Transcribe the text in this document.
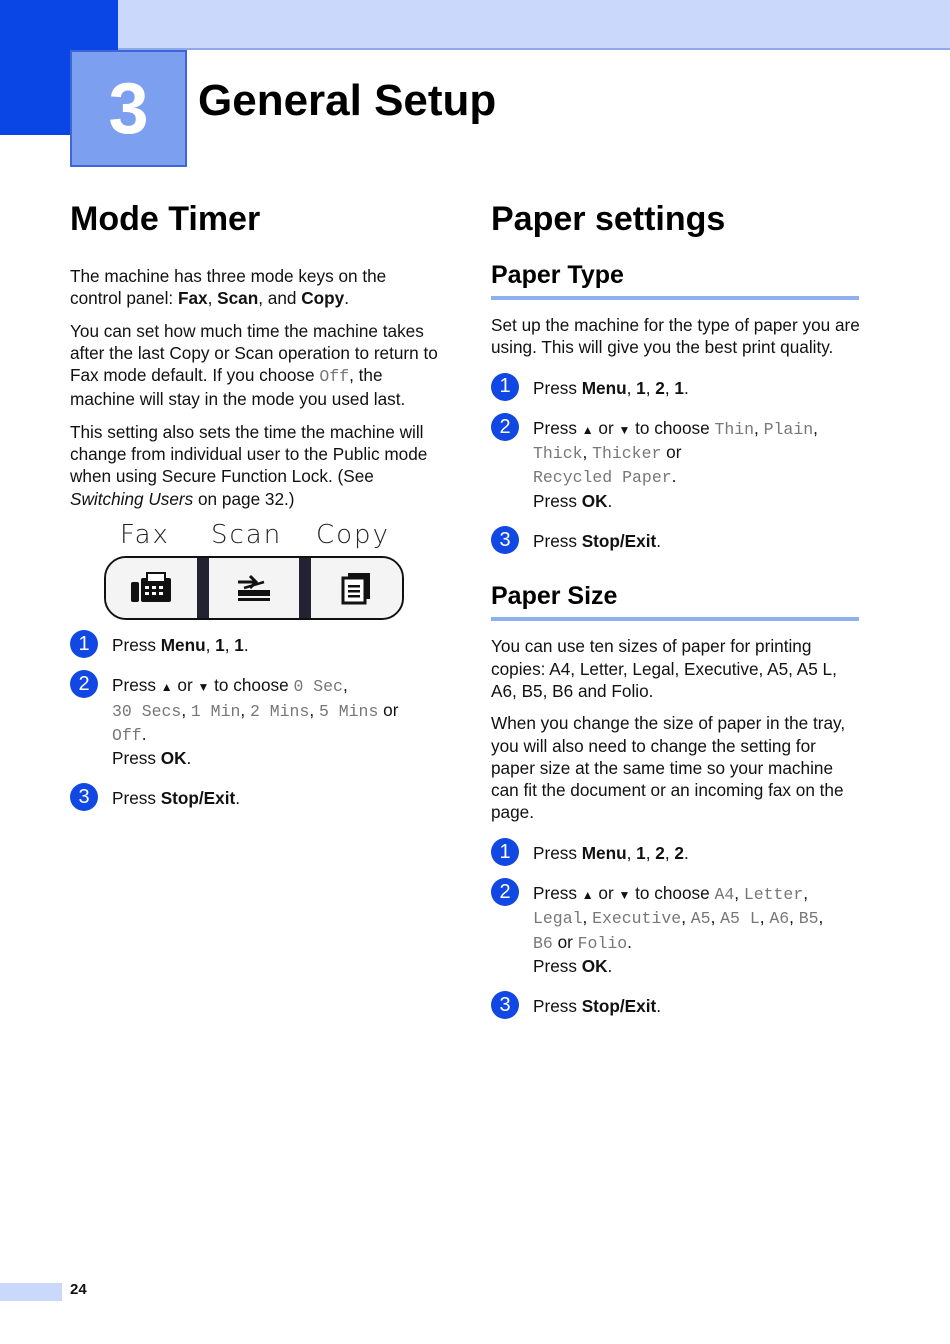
3 General Setup
Mode Timer

The machine has three mode keys on the control panel: Fax, Scan, and Copy.

You can set how much time the machine takes after the last Copy or Scan operation to return to Fax mode default. If you choose Off, the machine will stay in the mode you used last.

This setting also sets the time the machine will change from individual user to the Public mode when using Secure Function Lock. (See Switching Users on page 32.)

Fax Scan Copy
1	Press Menu, 1, 1.
2	Press ▲ or ▼ to choose 0 Sec,
30 Secs, 1 Min, 2 Mins, 5 Mins or
Off.
Press OK.
3	Press Stop/Exit.
Paper settings
Paper Type

Set up the machine for the type of paper you are using. This will give you the best print quality.

1	Press Menu, 1, 2, 1.
2	Press ▲ or ▼ to choose Thin, Plain,
Thick, Thicker or
Recycled Paper.
Press OK.
3	Press Stop/Exit.
Paper Size

You can use ten sizes of paper for printing copies: A4, Letter, Legal, Executive, A5, A5 L, A6, B5, B6 and Folio.

When you change the size of paper in the tray, you will also need to change the setting for paper size at the same time so your machine can fit the document or an incoming fax on the page.

1	Press Menu, 1, 2, 2.
2	Press ▲ or ▼ to choose A4, Letter,
Legal, Executive, A5, A5 L, A6, B5,
B6 or Folio.
Press OK.
3	Press Stop/Exit.
24
